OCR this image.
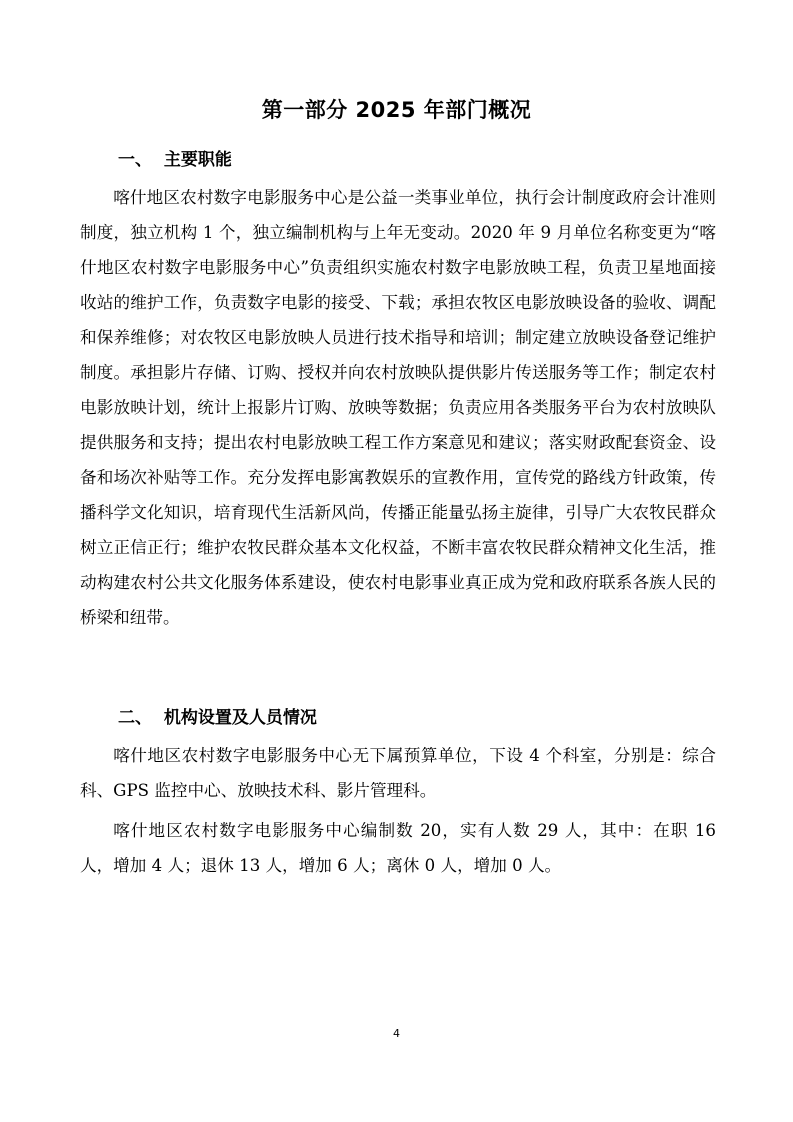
第一部分 2025 年部门概况
一、  主要职能

喀什地区农村数字电影服务中心是公益一类事业单位，执行会计制度政府会计准则制度，独立机构 1 个，独立编制机构与上年无变动。2020 年 9 月单位名称变更为“喀什地区农村数字电影服务中心”负责组织实施农村数字电影放映工程，负责卫星地面接收站的维护工作，负责数字电影的接受、下载；承担农牧区电影放映设备的验收、调配和保养维修；对农牧区电影放映人员进行技术指导和培训；制定建立放映设备登记维护制度。承担影片存储、订购、授权并向农村放映队提供影片传送服务等工作；制定农村电影放映计划，统计上报影片订购、放映等数据；负责应用各类服务平台为农村放映队提供服务和支持；提出农村电影放映工程工作方案意见和建议；落实财政配套资金、设备和场次补贴等工作。充分发挥电影寓教娱乐的宣教作用，宣传党的路线方针政策，传播科学文化知识，培育现代生活新风尚，传播正能量弘扬主旋律，引导广大农牧民群众树立正信正行；维护农牧民群众基本文化权益，不断丰富农牧民群众精神文化生活，推动构建农村公共文化服务体系建设，使农村电影事业真正成为党和政府联系各族人民的桥梁和纽带。

二、  机构设置及人员情况

喀什地区农村数字电影服务中心无下属预算单位，下设 4 个科室，分别是：综合科、GPS 监控中心、放映技术科、影片管理科。

喀什地区农村数字电影服务中心编制数 20，实有人数 29 人，其中：在职 16 人，增加 4 人；退休 13 人，增加 6 人；离休 0 人，增加 0 人。

4
